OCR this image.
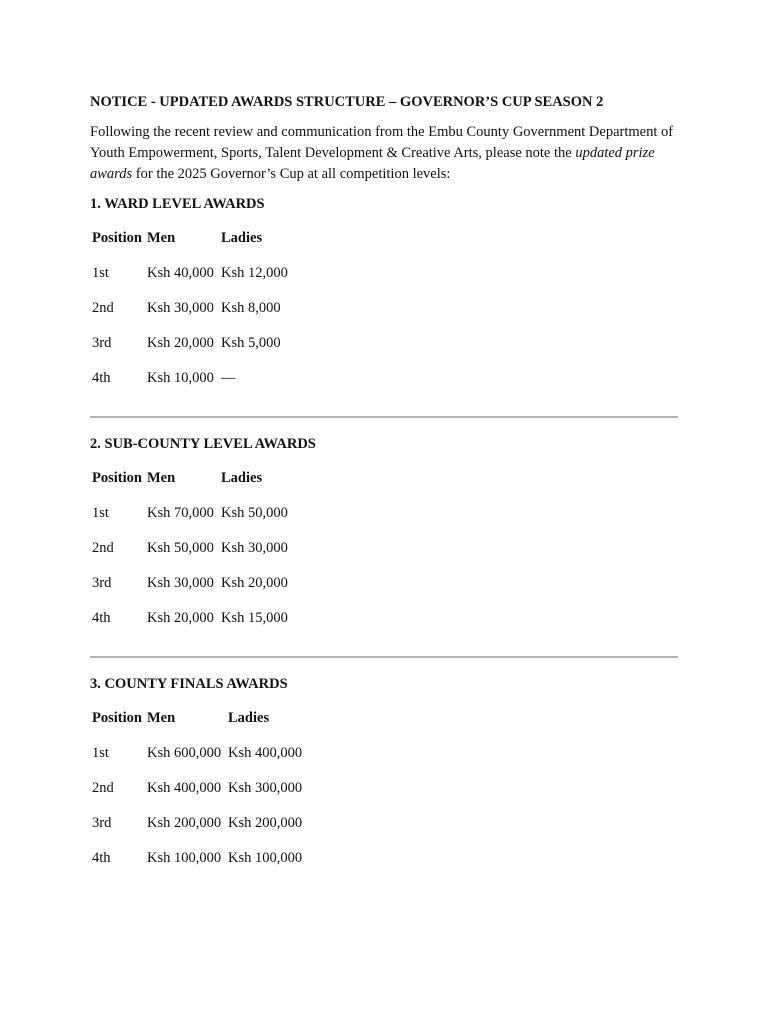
NOTICE - UPDATED AWARDS STRUCTURE – GOVERNOR’S CUP SEASON 2

Following the recent review and communication from the Embu County Government Department of Youth Empowerment, Sports, Talent Development & Creative Arts, please note the updated prize awards for the 2025 Governor’s Cup at all competition levels:

1. WARD LEVEL AWARDS
Position	Men	Ladies
1st	Ksh 40,000	Ksh 12,000
2nd	Ksh 30,000	Ksh 8,000
3rd	Ksh 20,000	Ksh 5,000
4th	Ksh 10,000	—
2. SUB-COUNTY LEVEL AWARDS
Position	Men	Ladies
1st	Ksh 70,000	Ksh 50,000
2nd	Ksh 50,000	Ksh 30,000
3rd	Ksh 30,000	Ksh 20,000
4th	Ksh 20,000	Ksh 15,000
3. COUNTY FINALS AWARDS
Position	Men	Ladies
1st	Ksh 600,000	Ksh 400,000
2nd	Ksh 400,000	Ksh 300,000
3rd	Ksh 200,000	Ksh 200,000
4th	Ksh 100,000	Ksh 100,000
